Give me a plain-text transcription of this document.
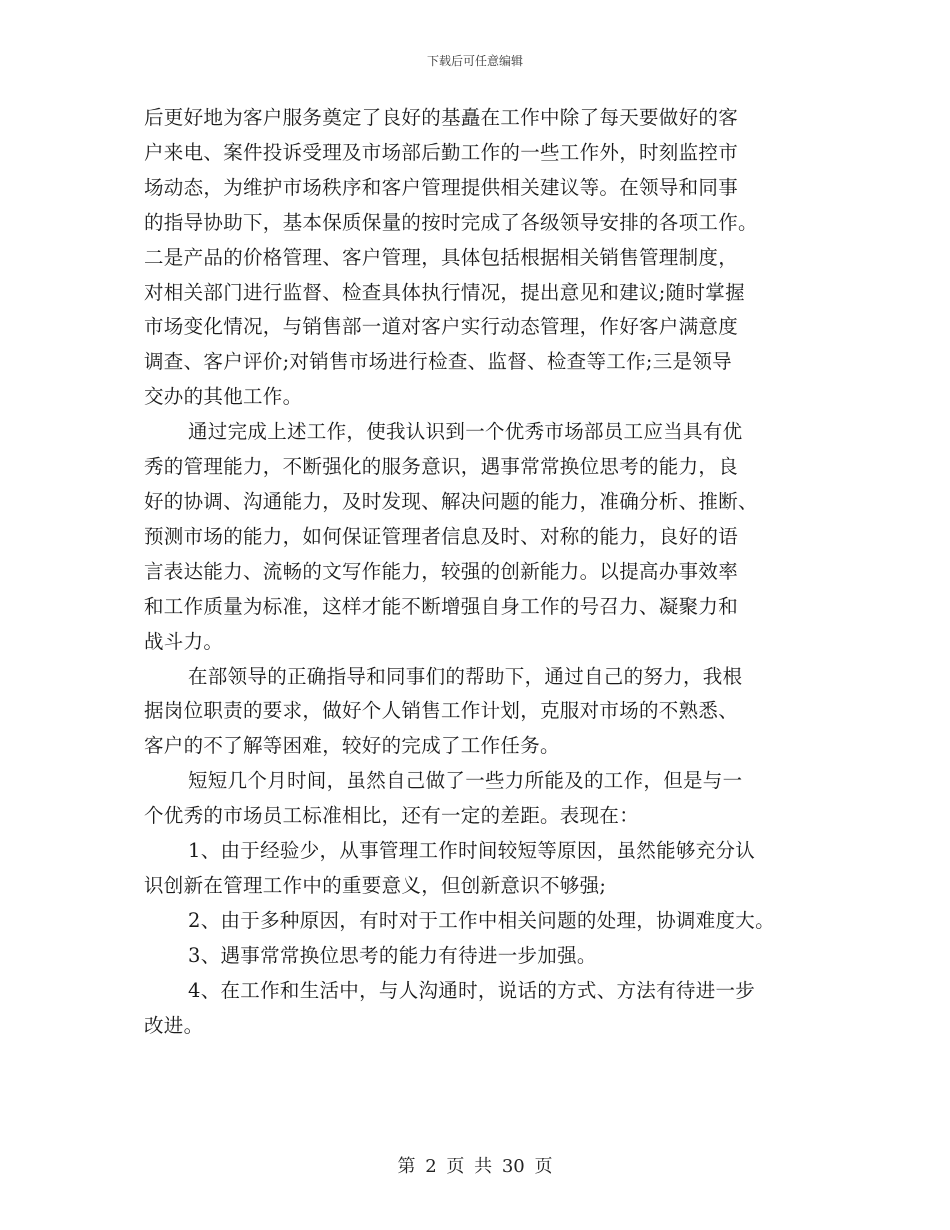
下载后可任意编辑
后更好地为客户服务奠定了良好的基矗在工作中除了每天要做好的客
户来电、案件投诉受理及市场部后勤工作的一些工作外，时刻监控市
场动态，为维护市场秩序和客户管理提供相关建议等。在领导和同事
的指导协助下，基本保质保量的按时完成了各级领导安排的各项工作。
二是产品的价格管理、客户管理，具体包括根据相关销售管理制度，
对相关部门进行监督、检查具体执行情况，提出意见和建议;随时掌握
市场变化情况，与销售部一道对客户实行动态管理，作好客户满意度
调查、客户评价;对销售市场进行检查、监督、检查等工作;三是领导
交办的其他工作。
通过完成上述工作，使我认识到一个优秀市场部员工应当具有优
秀的管理能力，不断强化的服务意识，遇事常常换位思考的能力，良
好的协调、沟通能力，及时发现、解决问题的能力，准确分析、推断、
预测市场的能力，如何保证管理者信息及时、对称的能力，良好的语
言表达能力、流畅的文写作能力，较强的创新能力。以提高办事效率
和工作质量为标准，这样才能不断增强自身工作的号召力、凝聚力和
战斗力。
在部领导的正确指导和同事们的帮助下，通过自己的努力，我根
据岗位职责的要求，做好个人销售工作计划，克服对市场的不熟悉、
客户的不了解等困难，较好的完成了工作任务。
短短几个月时间，虽然自己做了一些力所能及的工作，但是与一
个优秀的市场员工标准相比，还有一定的差距。表现在：
1、由于经验少，从事管理工作时间较短等原因，虽然能够充分认
识创新在管理工作中的重要意义，但创新意识不够强;
2、由于多种原因，有时对于工作中相关问题的处理，协调难度大。
3、遇事常常换位思考的能力有待进一步加强。
4、在工作和生活中，与人沟通时，说话的方式、方法有待进一步
改进。
第 2 页 共 30 页
